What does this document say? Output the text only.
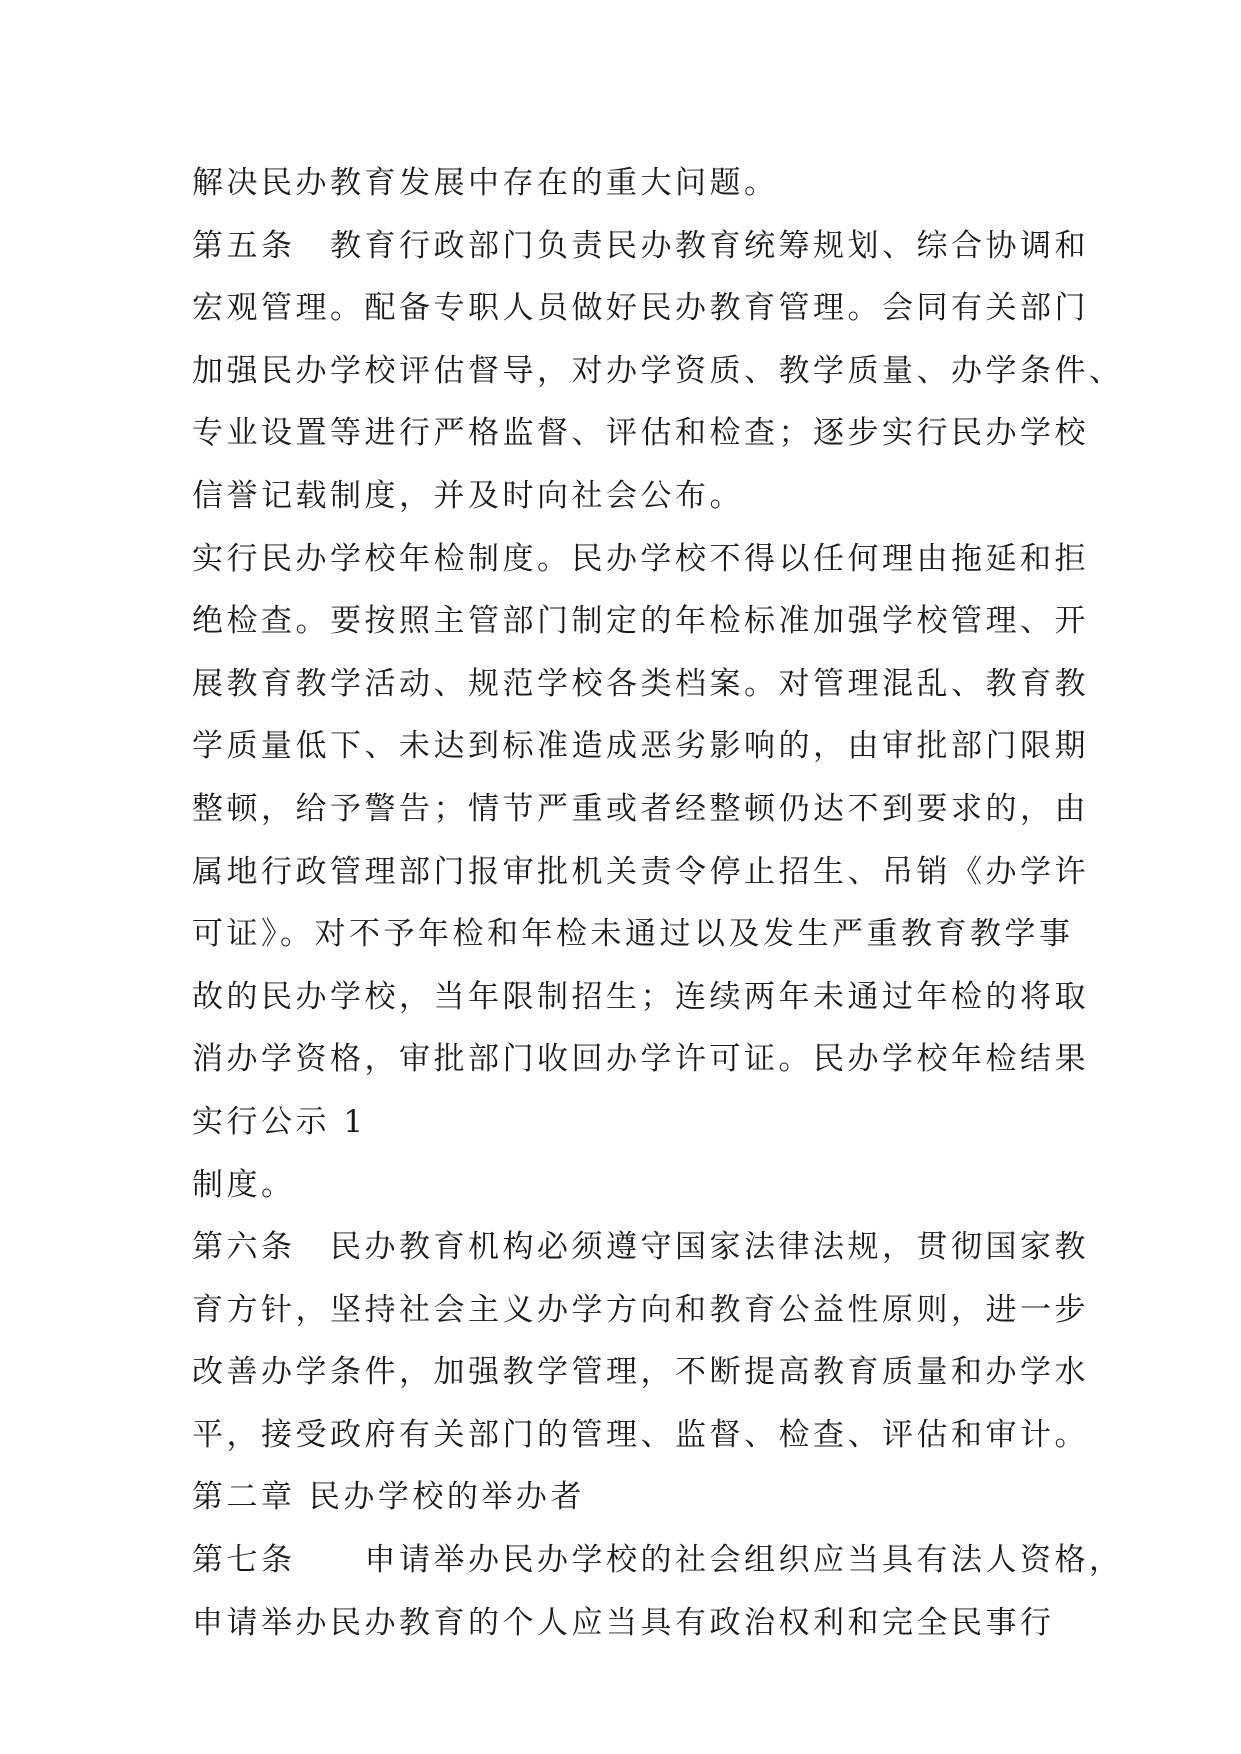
解决民办教育发展中存在的重大问题。
第五条　教育行政部门负责民办教育统筹规划、综合协调和
宏观管理。配备专职人员做好民办教育管理。会同有关部门
加强民办学校评估督导，对办学资质、教学质量、办学条件、
专业设置等进行严格监督、评估和检查；逐步实行民办学校
信誉记载制度，并及时向社会公布。
实行民办学校年检制度。民办学校不得以任何理由拖延和拒
绝检查。要按照主管部门制定的年检标准加强学校管理、开
展教育教学活动、规范学校各类档案。对管理混乱、教育教
学质量低下、未达到标准造成恶劣影响的，由审批部门限期
整顿，给予警告；情节严重或者经整顿仍达不到要求的，由
属地行政管理部门报审批机关责令停止招生、吊销《办学许
可证》。对不予年检和年检未通过以及发生严重教育教学事
故的民办学校，当年限制招生；连续两年未通过年检的将取
消办学资格，审批部门收回办学许可证。民办学校年检结果
实行公示 1
制度。
第六条　民办教育机构必须遵守国家法律法规，贯彻国家教
育方针，坚持社会主义办学方向和教育公益性原则，进一步
改善办学条件，加强教学管理，不断提高教育质量和办学水
平，接受政府有关部门的管理、监督、检查、评估和审计。
第二章 民办学校的举办者
第七条　　申请举办民办学校的社会组织应当具有法人资格，
申请举办民办教育的个人应当具有政治权利和完全民事行
